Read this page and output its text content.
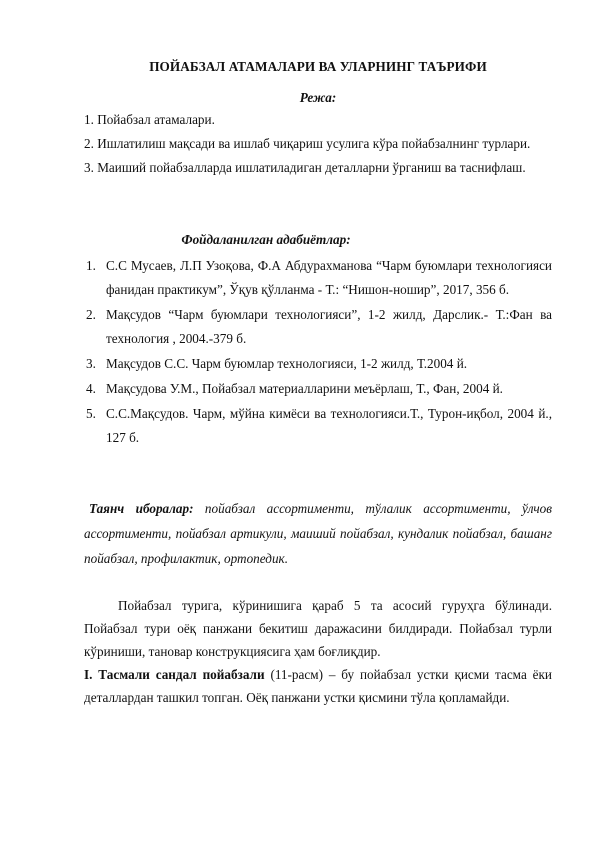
ПОЙАБЗАЛ АТАМАЛАРИ ВА УЛАРНИНГ ТАЪРИФИ
Режа:

1. Пойабзал атамалари.

2. Ишлатилиш мақсади ва ишлаб чиқариш усулига кўра пойабзалнинг турлари.

3. Маиший пойабзалларда ишлатиладиган деталларни ўрганиш ва таснифлаш.

Фойдаланилган адабиётлар:
1. С.С Мусаев, Л.П Узоқова, Ф.А Абдурахманова “Чарм буюмлари технологияси фанидан практикум”, Ўқув қўлланма - Т.: “Нишон-ношир”, 2017, 356 б.
2. Мақсудов “Чарм буюмлари технологияси”, 1-2 жилд, Дарслик.- Т.:Фан ва технология , 2004.-379 б.
3. Мақсудов С.С. Чарм буюмлар технологияси, 1-2 жилд, Т.2004 й.
4. Мақсудова У.М., Пойабзал материалларини меъёрлаш, Т., Фан, 2004 й.
5. С.С.Мақсудов. Чарм, мўйна кимёси ва технологияси.Т., Турон-иқбол, 2004 й., 127 б.
Таянч иборалар: пойабзал ассортименти, тўлалик ассортименти, ўлчов ассортименти, пойабзал артикули, маиший пойабзал, кундалик пойабзал, башанг пойабзал, профилактик, ортопедик.

Пойабзал турига, кўринишига қараб 5 та асосий гуруҳга бўлинади. Пойабзал тури оёқ панжани бекитиш даражасини билдиради. Пойабзал турли кўриниши, тановар конструкциясига ҳам боғлиқдир.

I. Тасмали сандал пойабзали (11-расм) – бу пойабзал устки қисми тасма ёки деталлардан ташкил топган. Оёқ панжани устки қисмини тўла қопламайди.
